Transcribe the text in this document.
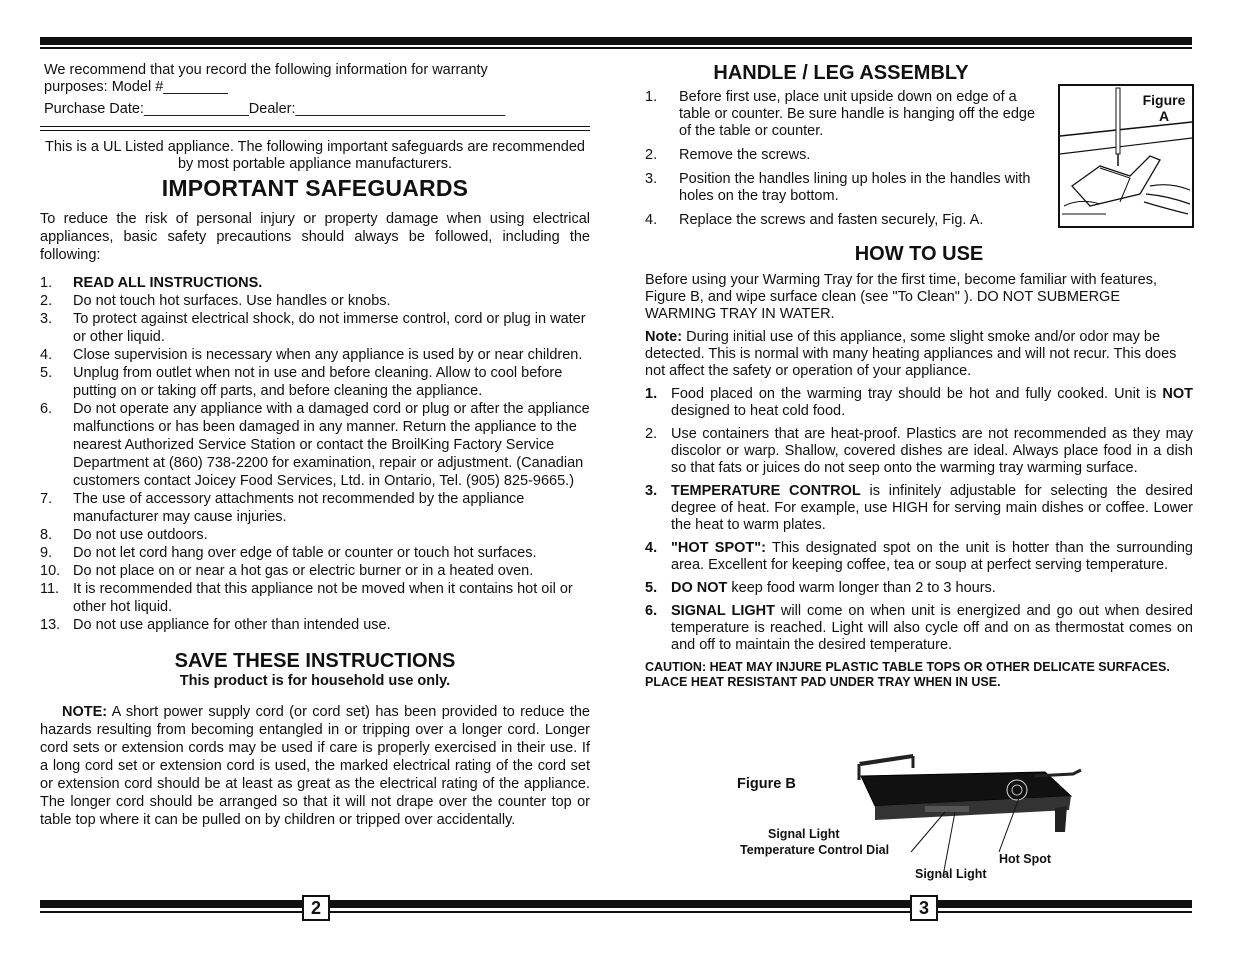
We recommend that you record the following information for warranty

purposes: Model #________

Purchase Date:_____________Dealer:__________________________

This is a UL Listed appliance. The following important safeguards are recommended by most portable appliance manufacturers.
IMPORTANT SAFEGUARDS
To reduce the risk of personal injury or property damage when using electrical appliances, basic safety precautions should always be followed, including the following:
1. READ ALL INSTRUCTIONS.
2. Do not touch hot surfaces. Use handles or knobs.
3. To protect against electrical shock, do not immerse control, cord or plug in water or other liquid.
4. Close supervision is necessary when any appliance is used by or near children.
5. Unplug from outlet when not in use and before cleaning. Allow to cool before putting on or taking off parts, and before cleaning the appliance.
6. Do not operate any appliance with a damaged cord or plug or after the appliance malfunctions or has been damaged in any manner. Return the appliance to the nearest Authorized Service Station or contact the BroilKing Factory Service Department at (860) 738-2200 for examination, repair or adjustment. (Canadian customers contact Joicey Food Services, Ltd. in Ontario, Tel. (905) 825-9665.)
7. The use of accessory attachments not recommended by the appliance manufacturer may cause injuries.
8. Do not use outdoors.
9. Do not let cord hang over edge of table or counter or touch hot surfaces.
10. Do not place on or near a hot gas or electric burner or in a heated oven.
11. It is recommended that this appliance not be moved when it contains hot oil or other hot liquid.
13. Do not use appliance for other than intended use.
SAVE THESE INSTRUCTIONS
This product is for household use only.
NOTE: A short power supply cord (or cord set) has been provided to reduce the hazards resulting from becoming entangled in or tripping over a longer cord. Longer cord sets or extension cords may be used if care is properly exercised in their use. If a long cord set or extension cord is used, the marked electrical rating of the cord set or extension cord should be at least as great as the electrical rating of the appliance. The longer cord should be arranged so that it will not drape over the counter top or table top where it can be pulled on by children or tripped over accidentally.
HANDLE / LEG ASSEMBLY
1. Before first use, place unit upside down on edge of a table or counter. Be sure handle is hanging off the edge of the table or counter.
2. Remove the screws.
3. Position the handles lining up holes in the handles with holes on the tray bottom.
4. Replace the screws and fasten securely, Fig. A.
HOW TO USE
Before using your Warming Tray for the first time, become familiar with features, Figure B, and wipe surface clean (see "To Clean" ). DO NOT SUBMERGE WARMING TRAY IN WATER.
Note: During initial use of this appliance, some slight smoke and/or odor may be detected. This is normal with many heating appliances and will not recur. This does not affect the safety or operation of your appliance.
1. Food placed on the warming tray should be hot and fully cooked. Unit is NOT designed to heat cold food.
2. Use containers that are heat-proof. Plastics are not recommended as they may discolor or warp. Shallow, covered dishes are ideal. Always place food in a dish so that fats or juices do not seep onto the warming tray warming surface.
3. TEMPERATURE CONTROL is infinitely adjustable for selecting the desired degree of heat. For example, use HIGH for serving main dishes or coffee. Lower the heat to warm plates.
4. "HOT SPOT": This designated spot on the unit is hotter than the surrounding area. Excellent for keeping coffee, tea or soup at perfect serving temperature.
5. DO NOT keep food warm longer than 2 to 3 hours.
6. SIGNAL LIGHT will come on when unit is energized and go out when desired temperature is reached. Light will also cycle off and on as thermostat comes on and off to maintain the desired temperature.
CAUTION: HEAT MAY INJURE PLASTIC TABLE TOPS OR OTHER DELICATE SURFACES. PLACE HEAT RESISTANT PAD UNDER TRAY WHEN IN USE.
Figure A
Figure B
Signal Light
Temperature Control Dial
Signal Light
Hot Spot
2	3
